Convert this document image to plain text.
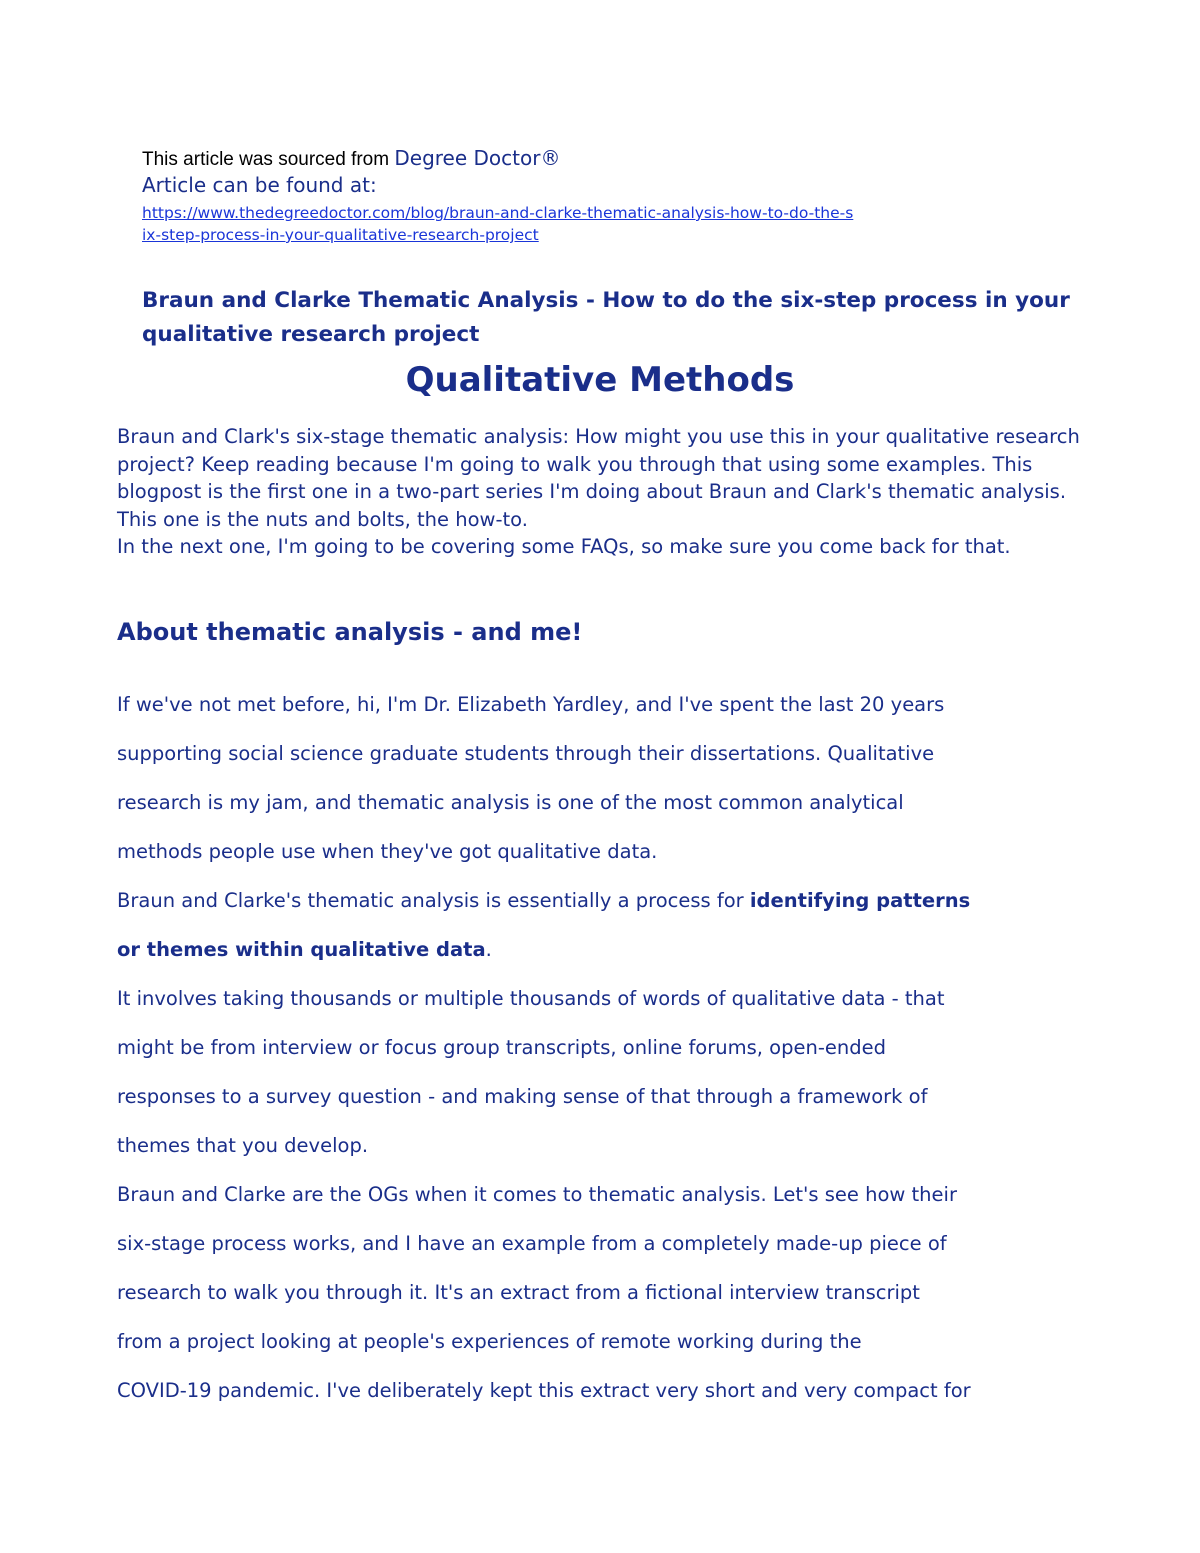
This article was sourced from Degree Doctor®
Article can be found at:
https://www.thedegreedoctor.com/blog/braun-and-clarke-thematic-analysis-how-to-do-the-s
ix-step-process-in-your-qualitative-research-project
Braun and Clarke Thematic Analysis - How to do the six-step process in your qualitative research project
Qualitative Methods

Braun and Clark's six-stage thematic analysis: How might you use this in your qualitative research project? Keep reading because I'm going to walk you through that using some examples. This blogpost is the first one in a two-part series I'm doing about Braun and Clark's thematic analysis. This one is the nuts and bolts, the how-to.

In the next one, I'm going to be covering some FAQs, so make sure you come back for that.

About thematic analysis - and me!
If we've not met before, hi, I'm Dr. Elizabeth Yardley, and I've spent the last 20 years
supporting social science graduate students through their dissertations. Qualitative
research is my jam, and thematic analysis is one of the most common analytical
methods people use when they've got qualitative data.
Braun and Clarke's thematic analysis is essentially a process for identifying patterns
or themes within qualitative data.
It involves taking thousands or multiple thousands of words of qualitative data - that
might be from interview or focus group transcripts, online forums, open-ended
responses to a survey question - and making sense of that through a framework of
themes that you develop.
Braun and Clarke are the OGs when it comes to thematic analysis. Let's see how their
six-stage process works, and I have an example from a completely made-up piece of
research to walk you through it. It's an extract from a fictional interview transcript
from a project looking at people's experiences of remote working during the
COVID-19 pandemic. I've deliberately kept this extract very short and very compact for
